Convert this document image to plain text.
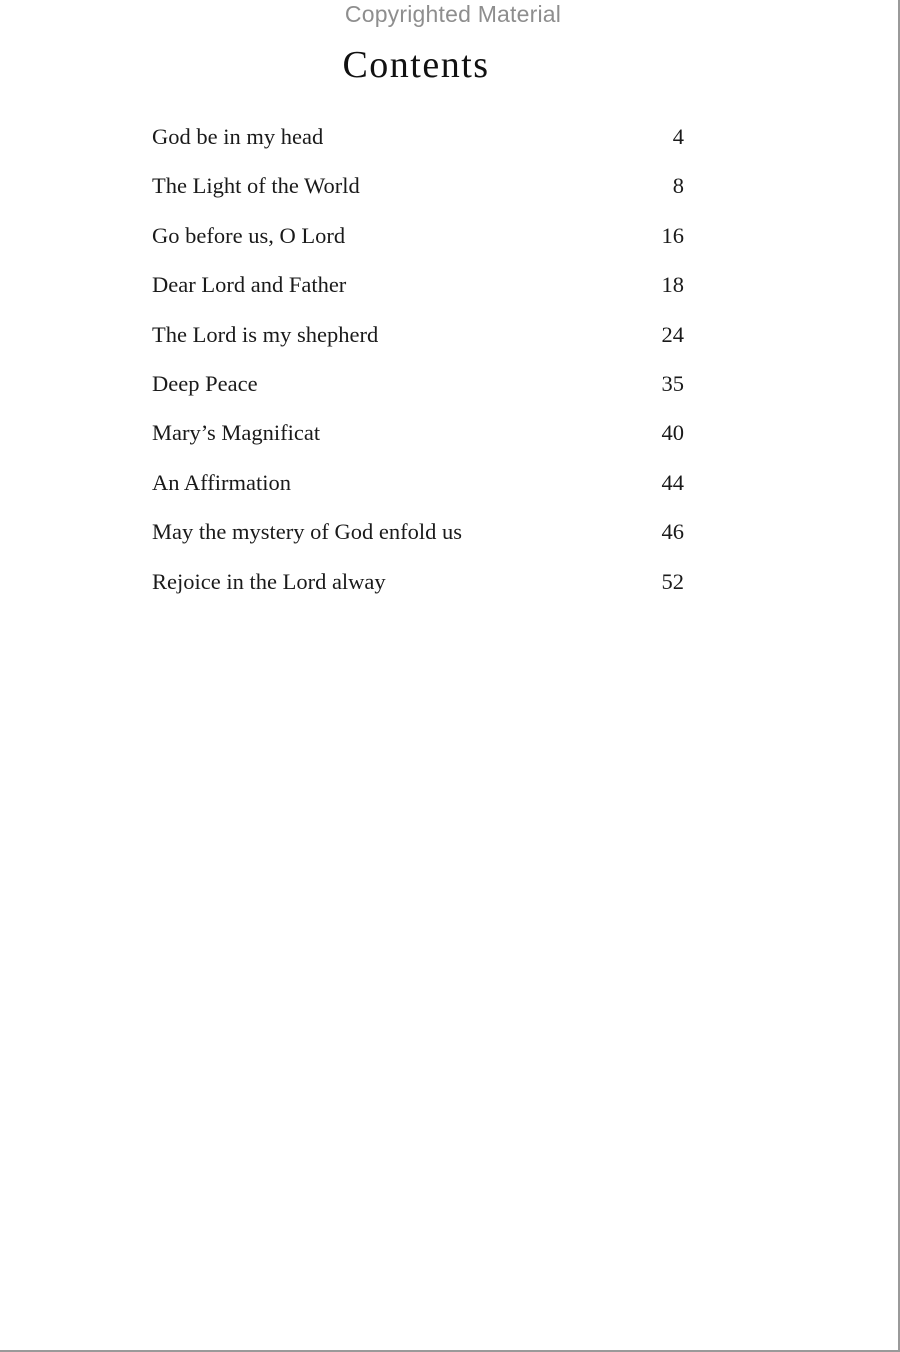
Copyrighted Material
Contents
God be in my head	4
The Light of the World	8
Go before us, O Lord	16
Dear Lord and Father	18
The Lord is my shepherd	24
Deep Peace	35
Mary’s Magnificat	40
An Affirmation	44
May the mystery of God enfold us	46
Rejoice in the Lord alway	52
